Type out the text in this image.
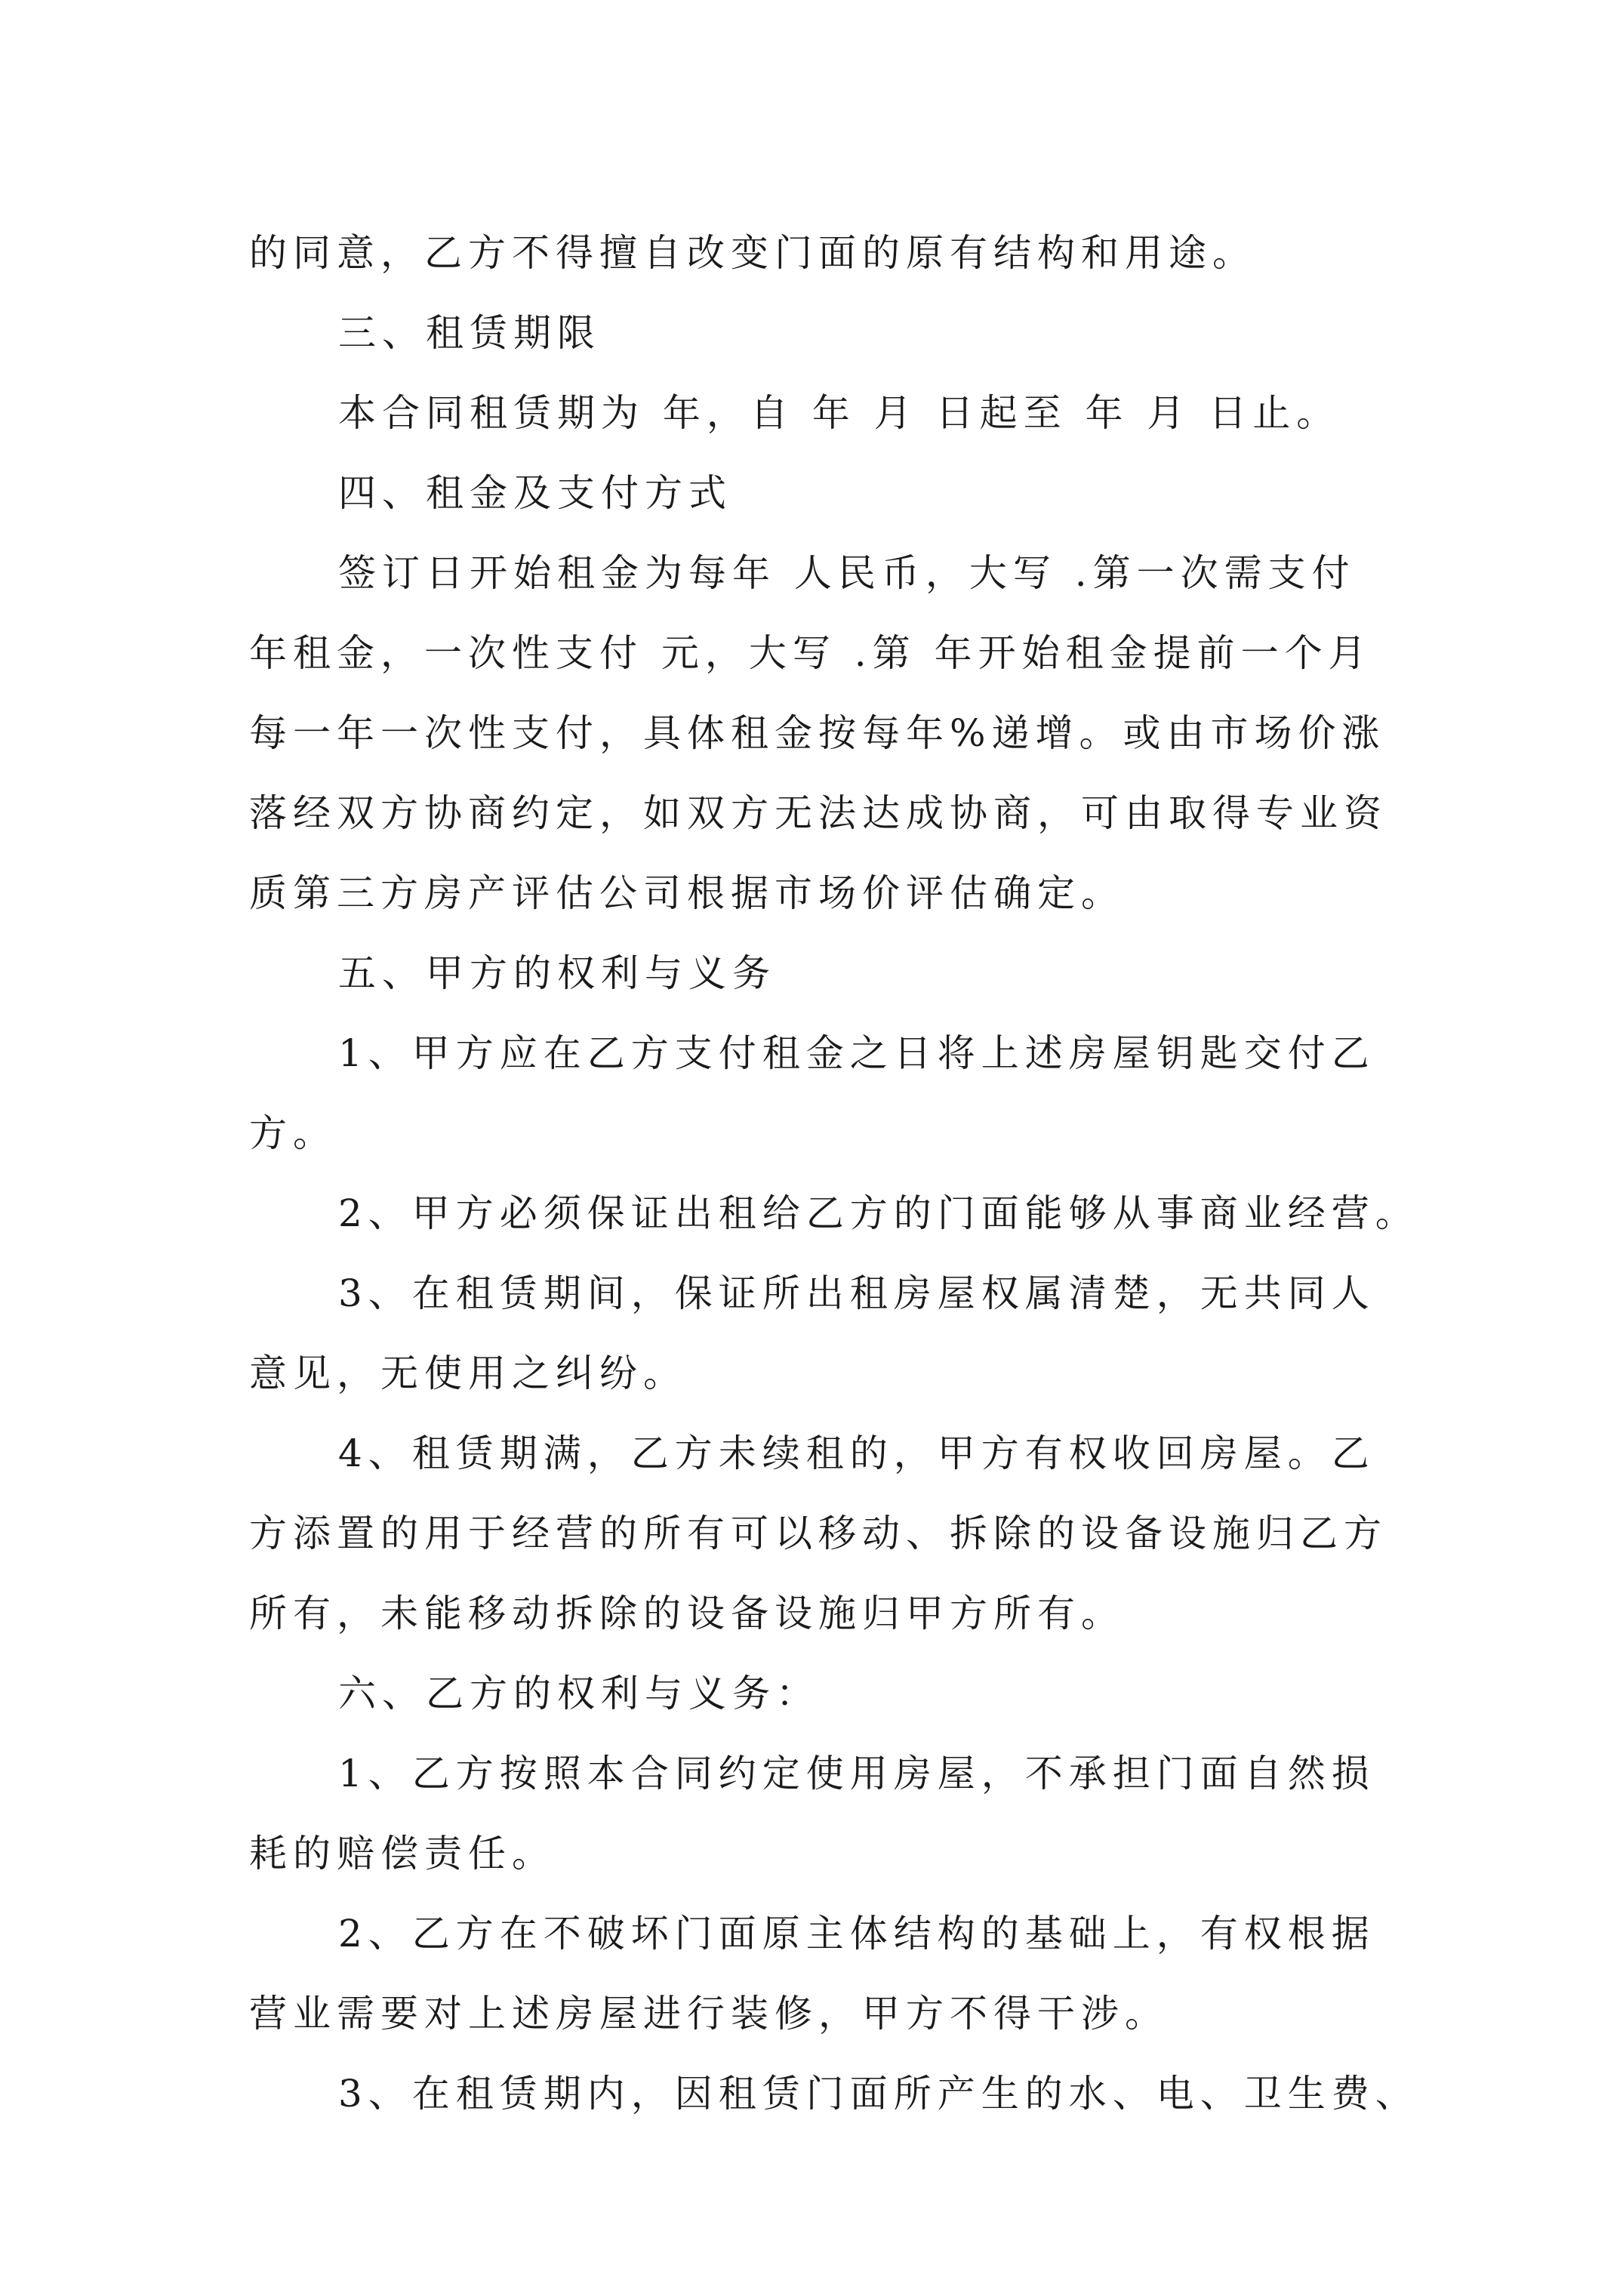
的同意，乙方不得擅自改变门面的原有结构和用途。
三、租赁期限
本合同租赁期为 年，自 年 月 日起至 年 月 日止。
四、租金及支付方式
签订日开始租金为每年 人民币，大写 .第一次需支付
年租金，一次性支付 元，大写 .第 年开始租金提前一个月
每一年一次性支付，具体租金按每年%递增。或由市场价涨
落经双方协商约定，如双方无法达成协商，可由取得专业资
质第三方房产评估公司根据市场价评估确定。
五、甲方的权利与义务
1、甲方应在乙方支付租金之日将上述房屋钥匙交付乙
方。
2、甲方必须保证出租给乙方的门面能够从事商业经营。
3、在租赁期间，保证所出租房屋权属清楚，无共同人
意见，无使用之纠纷。
4、租赁期满，乙方未续租的，甲方有权收回房屋。乙
方添置的用于经营的所有可以移动、拆除的设备设施归乙方
所有，未能移动拆除的设备设施归甲方所有。
六、乙方的权利与义务：
1、乙方按照本合同约定使用房屋，不承担门面自然损
耗的赔偿责任。
2、乙方在不破坏门面原主体结构的基础上，有权根据
营业需要对上述房屋进行装修，甲方不得干涉。
3、在租赁期内，因租赁门面所产生的水、电、卫生费、
